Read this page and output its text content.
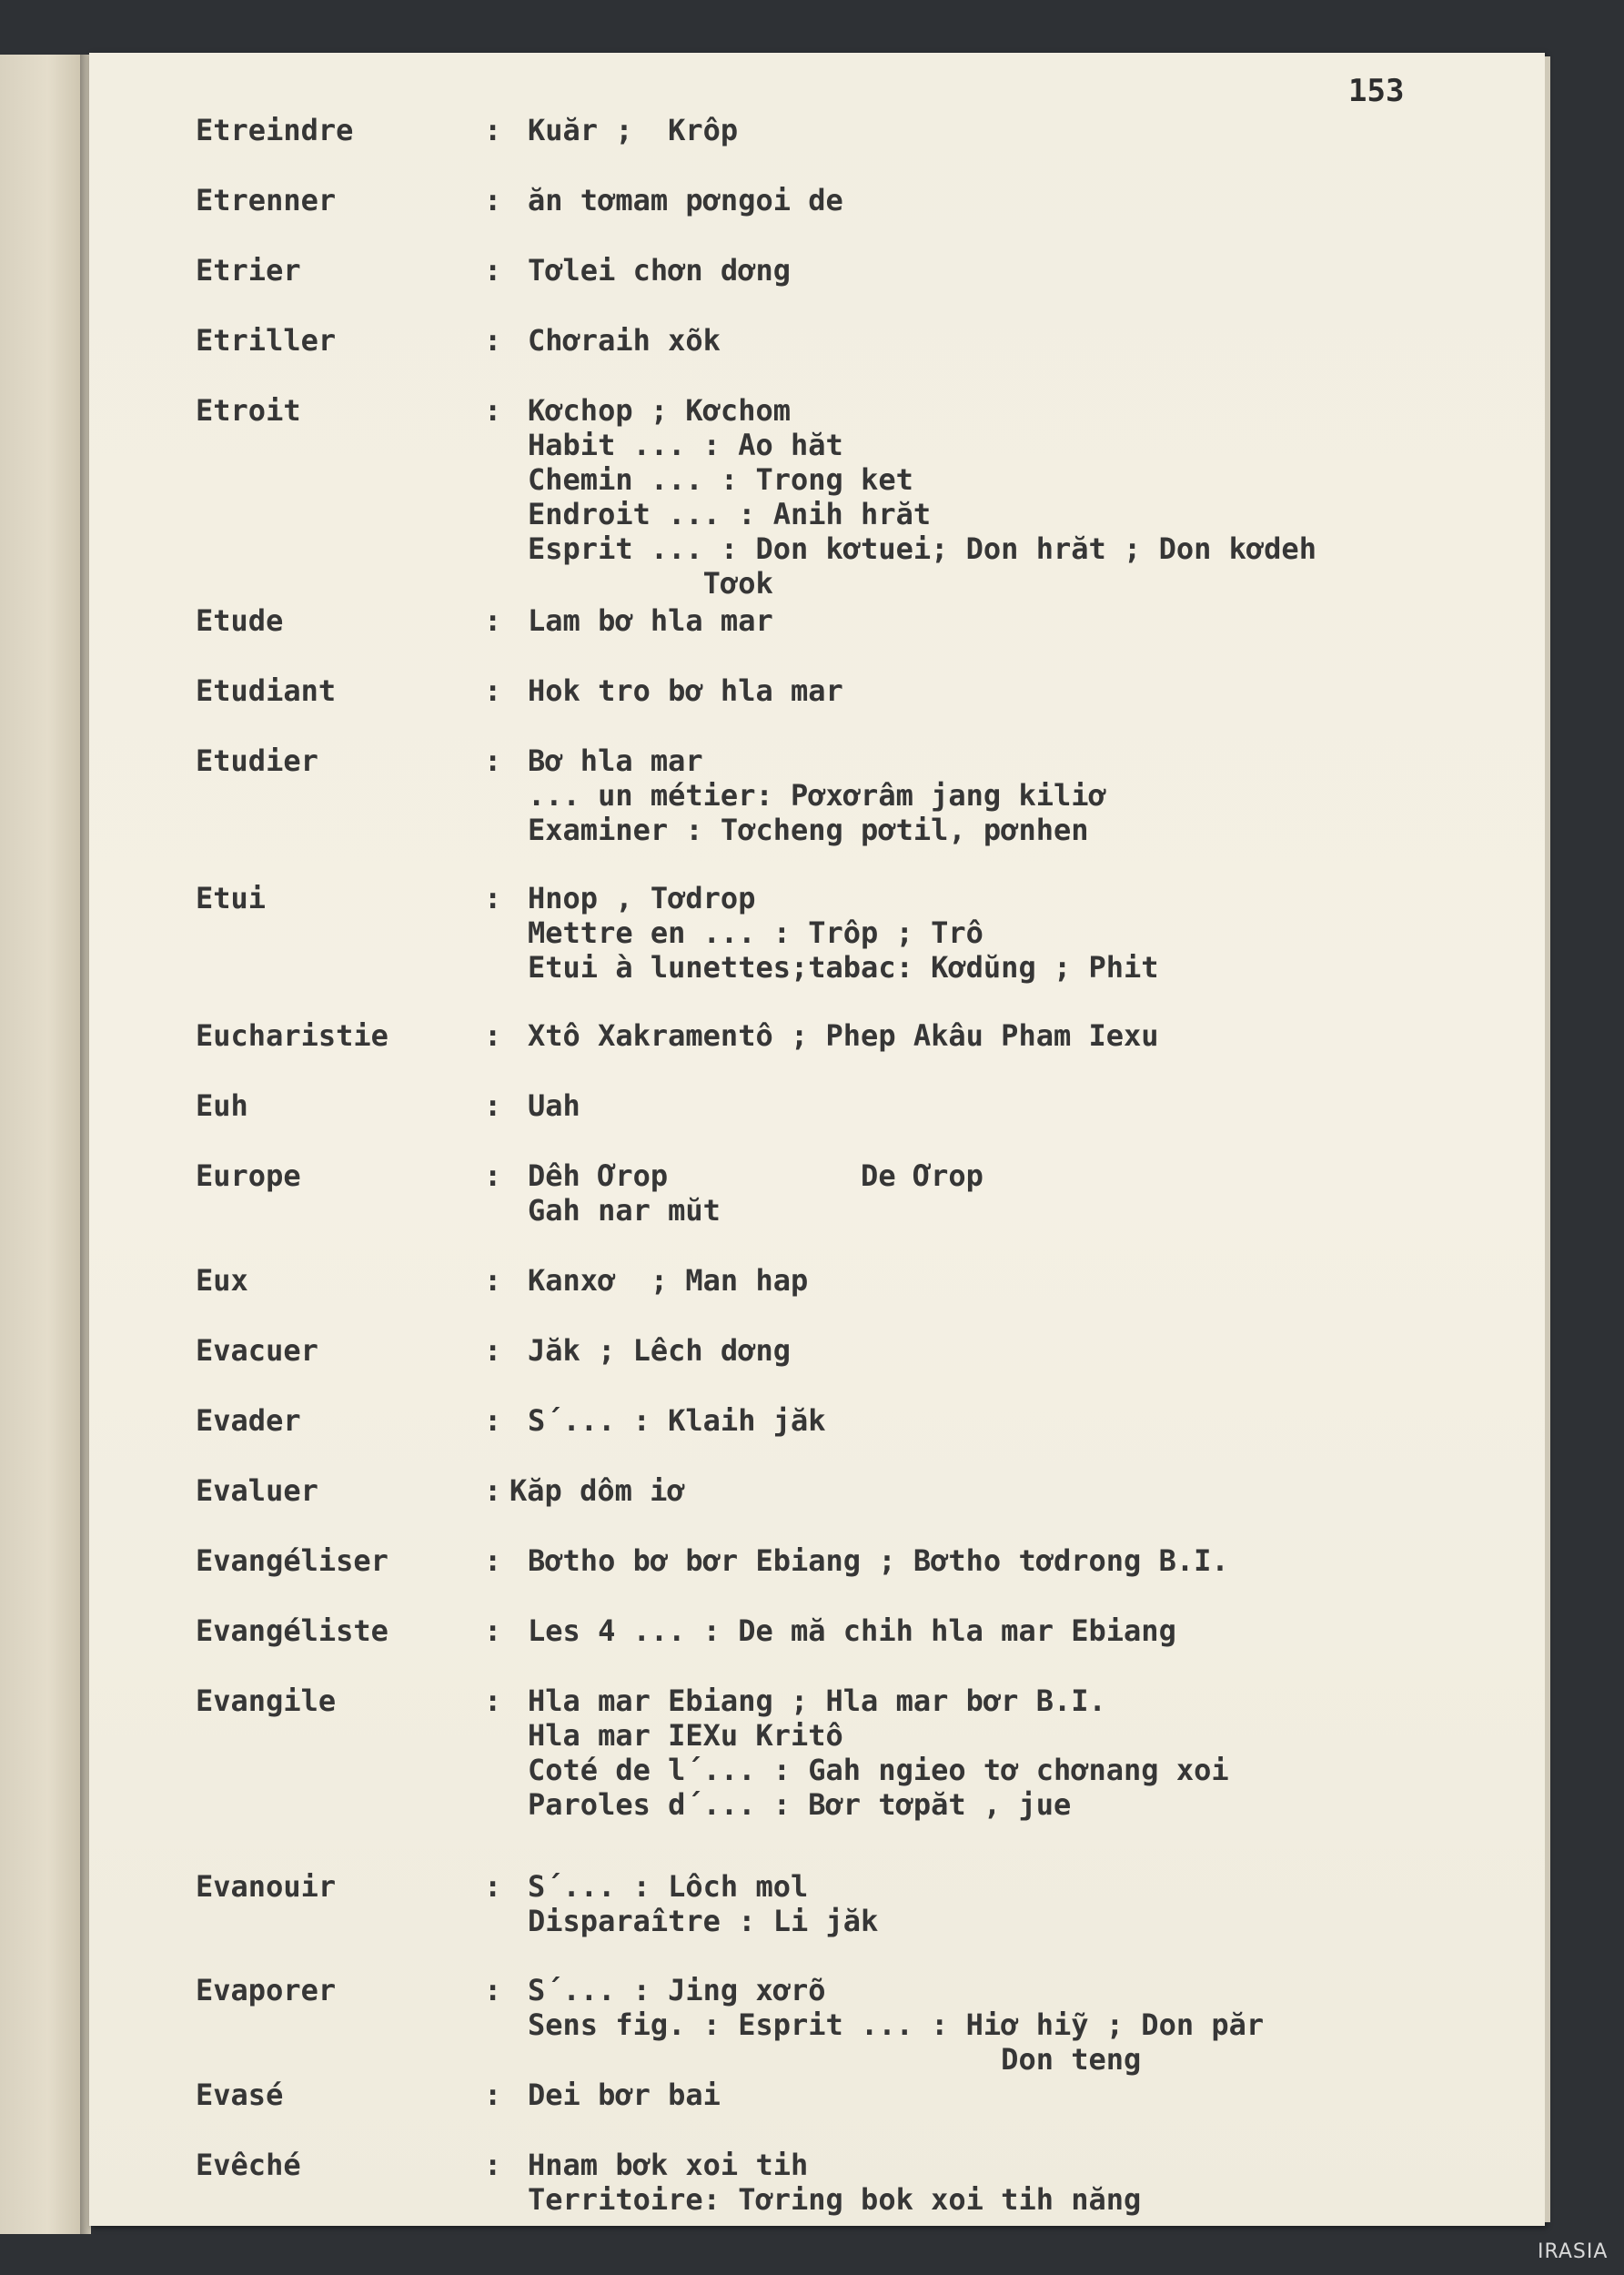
153
Etreindre	: Kuăr ;  Krôp
Etrenner	: ăn tơmam pơngoi de
Etrier	: Tơlei chơn dơng
Etriller	: Chơraih xõk
Etroit	: Kơchop ; Kơchom
Habit ... : Ao hăt
Chemin ... : Trong ket
Endroit ... : Anih hrăt
Esprit ... : Don kơtuei; Don hrăt ; Don kơdeh
Tơok
Etude	: Lam bơ hla mar
Etudiant	: Hok tro bơ hla mar
Etudier	: Bơ hla mar
... un métier: Pơxơrâm jang kiliơ
Examiner : Tơcheng pơtil, pơnhen
Etui	: Hnop , Tơdrop
Mettre en ... : Trôp ; Trô
Etui à lunettes;tabac: Kơdŭng ; Phit
Eucharistie	: Xtô Xakramentô ; Phep Akâu Pham Iexu
Euh	: Uah
Europe	: Dêh Ơrop           De Ơrop
Gah nar mŭt
Eux	: Kanxơ  ; Man hap
Evacuer	: Jăk ; Lêch dơng
Evader	: S´... : Klaih jăk
Evaluer	: Kăp dôm iơ
Evangéliser	: Bơtho bơ bơr Ebiang ; Bơtho tơdrong B.I.
Evangéliste	: Les 4 ... : De mă chih hla mar Ebiang
Evangile	: Hla mar Ebiang ; Hla mar bơr B.I.
Hla mar IEXu Kritô
Coté de l´... : Gah ngieo tơ chơnang xoi
Paroles d´... : Bơr tơpăt , jue
Evanouir	: S´... : Lôch mol
Disparaître : Li jăk
Evaporer	: S´... : Jing xơrõ
Sens fig. : Esprit ... : Hiơ hiỹ ; Don păr
Don teng
Evasé	: Dei bơr bai
Evêché	: Hnam bơk xoi tih
Territoire: Tơring bok xoi tih năng
IRASIA
